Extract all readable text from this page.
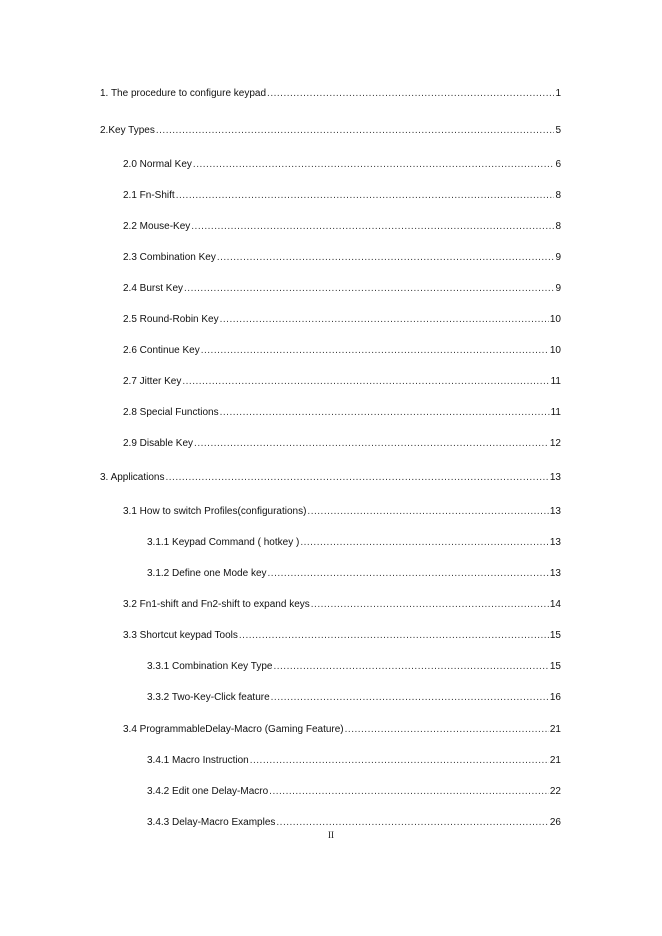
1. The procedure to configure keypad .....	1
2.Key Types .....	5
2.0 Normal Key .....	6
2.1 Fn-Shift .....	8
2.2 Mouse-Key .....	8
2.3 Combination Key .....	9
2.4 Burst Key .....	9
2.5 Round-Robin Key .....	10
2.6 Continue Key .....	10
2.7 Jitter Key .....	11
2.8 Special Functions .....	11
2.9 Disable Key .....	12
3. Applications .....	13
3.1 How to switch Profiles(configurations) .....	13
3.1.1 Keypad Command ( hotkey ) .....	13
3.1.2 Define one Mode key .....	13
3.2 Fn1-shift and Fn2-shift to expand keys .....	14
3.3 Shortcut keypad Tools .....	15
3.3.1 Combination Key Type .....	15
3.3.2 Two-Key-Click feature .....	16
3.4 ProgrammableDelay-Macro (Gaming Feature) .....	21
3.4.1 Macro Instruction .....	21
3.4.2 Edit one Delay-Macro .....	22
3.4.3 Delay-Macro Examples .....	26
II
